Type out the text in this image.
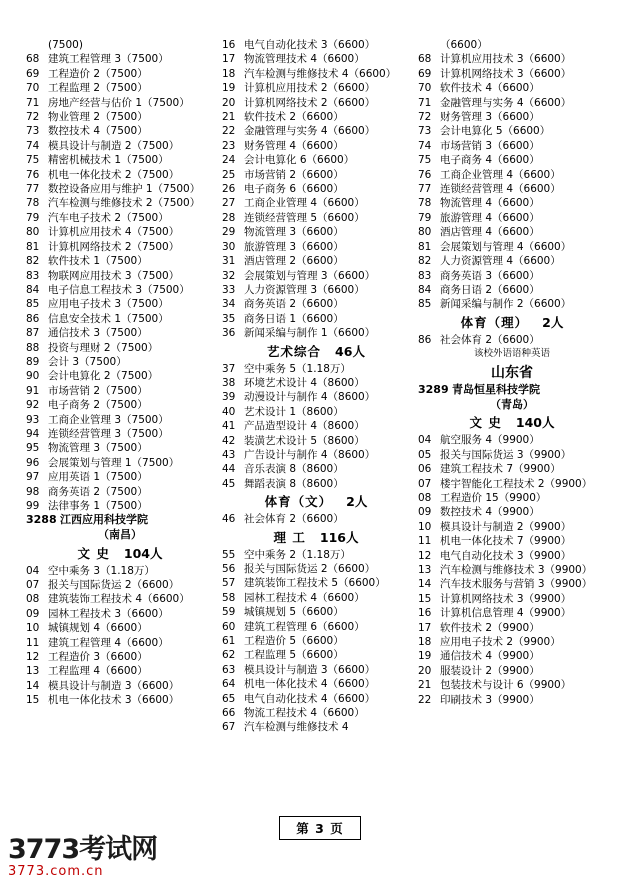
(7500)
68 建筑工程管理 3（7500）
69 工程造价 2（7500）
70 工程监理 2（7500）
71 房地产经营与估价 1（7500）
72 物业管理 2（7500）
73 数控技术 4（7500）
74 模具设计与制造 2（7500）
75 精密机械技术 1（7500）
76 机电一体化技术 2（7500）
77 数控设备应用与维护 1（7500）
78 汽车检测与维修技术 2（7500）
79 汽车电子技术 2（7500）
80 计算机应用技术 4（7500）
81 计算机网络技术 2（7500）
82 软件技术 1（7500）
83 物联网应用技术 3（7500）
84 电子信息工程技术 3（7500）
85 应用电子技术 3（7500）
86 信息安全技术 1（7500）
87 通信技术 3（7500）
88 投资与理财 2（7500）
89 会计 3（7500）
90 会计电算化 2（7500）
91 市场营销 2（7500）
92 电子商务 2（7500）
93 工商企业管理 3（7500）
94 连锁经营管理 3（7500）
95 物流管理 3（7500）
96 会展策划与管理 1（7500）
97 应用英语 1（7500）
98 商务英语 2（7500）
99 法律事务 1（7500）
3288 江西应用科技学院
（南昌）
文 史 104人
04 空中乘务 3（1.18万）
07 报关与国际货运 2（6600）
08 建筑装饰工程技术 4（6600）
09 园林工程技术 3（6600）
10 城镇规划 4（6600）
11 建筑工程管理 4（6600）
12 工程造价 3（6600）
13 工程监理 4（6600）
14 模具设计与制造 3（6600）
15 机电一体化技术 3（6600）
16 电气自动化技术 3（6600）
17 物流管理技术 4（6600）
18 汽车检测与维修技术 4（6600）
19 计算机应用技术 2（6600）
20 计算机网络技术 2（6600）
21 软件技术 2（6600）
22 金融管理与实务 4（6600）
23 财务管理 4（6600）
24 会计电算化 6（6600）
25 市场营销 2（6600）
26 电子商务 6（6600）
27 工商企业管理 4（6600）
28 连锁经营管理 5（6600）
29 物流管理 3（6600）
30 旅游管理 3（6600）
31 酒店管理 2（6600）
32 会展策划与管理 3（6600）
33 人力资源管理 3（6600）
34 商务英语 2（6600）
35 商务日语 1（6600）
36 新闻采编与制作 1（6600）
艺术综合 46人
37 空中乘务 5（1.18万）
38 环境艺术设计 4（8600）
39 动漫设计与制作 4（8600）
40 艺术设计 1（8600）
41 产品造型设计 4（8600）
42 装潢艺术设计 5（8600）
43 广告设计与制作 4（8600）
44 音乐表演 8（8600）
45 舞蹈表演 8（8600）
体育（文） 2人
46 社会体育 2（6600）
理 工 116人
55 空中乘务 2（1.18万）
56 报关与国际货运 2（6600）
57 建筑装饰工程技术 5（6600）
58 园林工程技术 4（6600）
59 城镇规划 5（6600）
60 建筑工程管理 6（6600）
61 工程造价 5（6600）
62 工程监理 5（6600）
63 模具设计与制造 3（6600）
64 机电一体化技术 4（6600）
65 电气自动化技术 4（6600）
66 物流工程技术 4（6600）
67 汽车检测与维修技术 4
（6600）
68 计算机应用技术 3（6600）
69 计算机网络技术 3（6600）
70 软件技术 4（6600）
71 金融管理与实务 4（6600）
72 财务管理 3（6600）
73 会计电算化 5（6600）
74 市场营销 3（6600）
75 电子商务 4（6600）
76 工商企业管理 4（6600）
77 连锁经营管理 4（6600）
78 物流管理 4（6600）
79 旅游管理 4（6600）
80 酒店管理 4（6600）
81 会展策划与管理 4（6600）
82 人力资源管理 4（6600）
83 商务英语 3（6600）
84 商务日语 2（6600）
85 新闻采编与制作 2（6600）
体育（理） 2人
86 社会体育 2（6600）
该校外语语种英语
山东省
3289 青岛恒星科技学院
（青岛）
文 史 140人
04 航空服务 4（9900）
05 报关与国际货运 3（9900）
06 建筑工程技术 7（9900）
07 楼宇智能化工程技术 2（9900）
08 工程造价 15（9900）
09 数控技术 4（9900）
10 模具设计与制造 2（9900）
11 机电一体化技术 7（9900）
12 电气自动化技术 3（9900）
13 汽车检测与维修技术 3（9900）
14 汽车技术服务与营销 3（9900）
15 计算机网络技术 3（9900）
16 计算机信息管理 4（9900）
17 软件技术 2（9900）
18 应用电子技术 2（9900）
19 通信技术 4（9900）
20 服装设计 2（9900）
21 包装技术与设计 6（9900）
22 印刷技术 3（9900）
第 3 页
3773考试网
3773.com.cn
